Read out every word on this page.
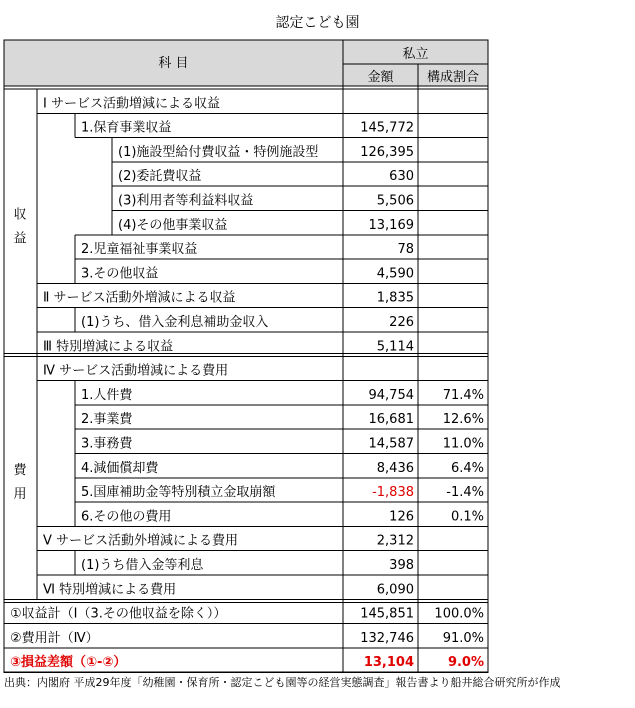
認定こども園
科 目
私立
金額	構成割合
Ⅰ サービス活動増減による収益
1.保育事業収益	145,772
(1)施設型給付費収益・特例施設型	126,395
(2)委託費収益	630
(3)利用者等利益料収益	5,506
(4)その他事業収益	13,169
2.児童福祉事業収益	78
3.その他収益	4,590
Ⅱ サービス活動外増減による収益	1,835
(1)うち、借入金利息補助金収入	226
Ⅲ 特別増減による収益	5,114
Ⅳ サービス活動増減による費用
1.人件費	94,754 71.4%
2.事業費	16,681 12.6%
3.事務費	14,587 11.0%
4.減価償却費	8,436	6.4%
5.国庫補助金等特別積立金取崩額	-1,838 -1.4%
6.その他の費用	126	0.1%
Ⅴ サービス活動外増減による費用	2,312
(1)うち借入金等利息	398
Ⅵ 特別増減による費用	6,090
①収益計（Ⅰ（3.その他収益を除く））	145,851 100.0%
②費用計（Ⅳ）	132,746 91.0%
③損益差額（①-②）	13,104	9.0%
収
益
費
用
出典：内閣府 平成29年度「幼稚園・保育所・認定こども園等の経営実態調査」報告書より船井総合研究所が作成
